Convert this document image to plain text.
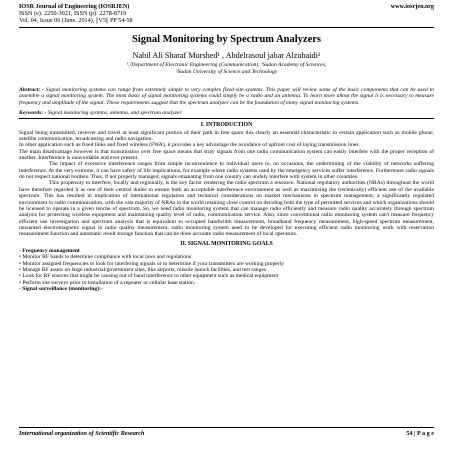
IOSR Journal of Engineering (IOSRJEN)
ISSN (e): 2250-3021, ISSN (p): 2278-8719
Vol. 04, Issue 06 (June. 2014), ||V5|| PP 54-58
www.iosrjen.org
Signal Monitoring by Spectrum Analyzers
Nabil Ali Sharaf Murshed¹ , Abdelrasoul jabar Alzubaidi²
¹,²Department of Electronic Engineering (Communication), ¹Sudan Academy of Sciences,
²Sudan University of Science and Technology

Abstract: - Signal monitoring systems can range from extremely simple to very complex fixed-site-systems. This paper will review some of the basic components that can be used to assemble a signal monitoring system. The most basic of signal monitoring systems could simply be a radio and an antenna. To learn more about the signal it is necessary to measure frequency and amplitude of the signal. These requirements suggest that the spectrum analyzer can be the foundation of many signal monitoring systems.

Keywords: - Signal monitoring systems, antenna, and spectrum analyzer.

I. INTRODUCTION

Signal being transmitted, receiver and travel at least significant portion of their path in free space this clearly an essential characteristic in certain application such as mobile phone, satellite communication, broadcasting and radio navigation.

In other application such as fixed links and fixed wireless (FWA), it provides a key advantage the avoidance of upfront cost of laying transmission lines.

The main disadvantage however is that transmission over free space means that stray signals from one radio communication system can easily interfere with the proper reception of another. Interference is unavoidable and ever present.

The impact of excessive interference ranges from simple inconvenience to individual users to, on occasions, the undermining of the viability of networks suffering interference. At the very extreme, it can have safety of life implications, for example where radio systems used by the emergency services suffer interference. Furthermore radio signals do not respect national borders. Thus, if not properly managed, signals emanating from one country can unduly interfere with system in other countries.

This propensity to interfere, locally and regionally, is the key factor rendering the radio spectrum a resource. National regulatory authorities (NRAs) throughout the world have therefore regarded it as one of their central duties to ensure both an acceptable interference environment as well as maximizing the (technically) efficient use of the available spectrum. This has resulted in implication of international regulation and technical considerations on market mechanisms in spectrum management, a significantly regulated environment in radio communication, with the vast majority of NRAs in the world retaining close control on deciding both the type of permitted services and which organizations should be licensed to operate in a given tenche of spectrum. So, we need radio monitoring system that can manage radio efficiently and measure radio quality accurately through spectrum analysis for protecting wireless equipment and maintaining quality level of radio, communication service. Also, since conventional radio monitoring system can't measure frequency efficient use investigation and spectrum analysis that is equivalent to occupied bandwidth measurement, broadband frequency measurement, high-speed spectrum measurement, unwanted electromagnetic signal in radio quality measurement, radio monitoring system need to be developed for executing efficient radio monitoring work with reservation measurement function and automatic result storage function that can be done accurate radio measurement of local operators.

II. SIGNAL MONITORING GOALS

- Frequency management

• Monitor RF bands to determine compliance with local laws and regulations

• Monitor assigned frequencies to look for interfering signals or to determine if your transmitters are working properly

• Manage RF assets on large industrial/government sites, like airports, missile launch facilities, and test ranges

• Look for RF sources that might be causing out of band interference to other equipment such as medical equipment

• Perform site surveys prior to installation of a repeater or cellular base station.

- Signal surveillance (monitoring):-

International organization of Scientific Research	54 | P a g e
